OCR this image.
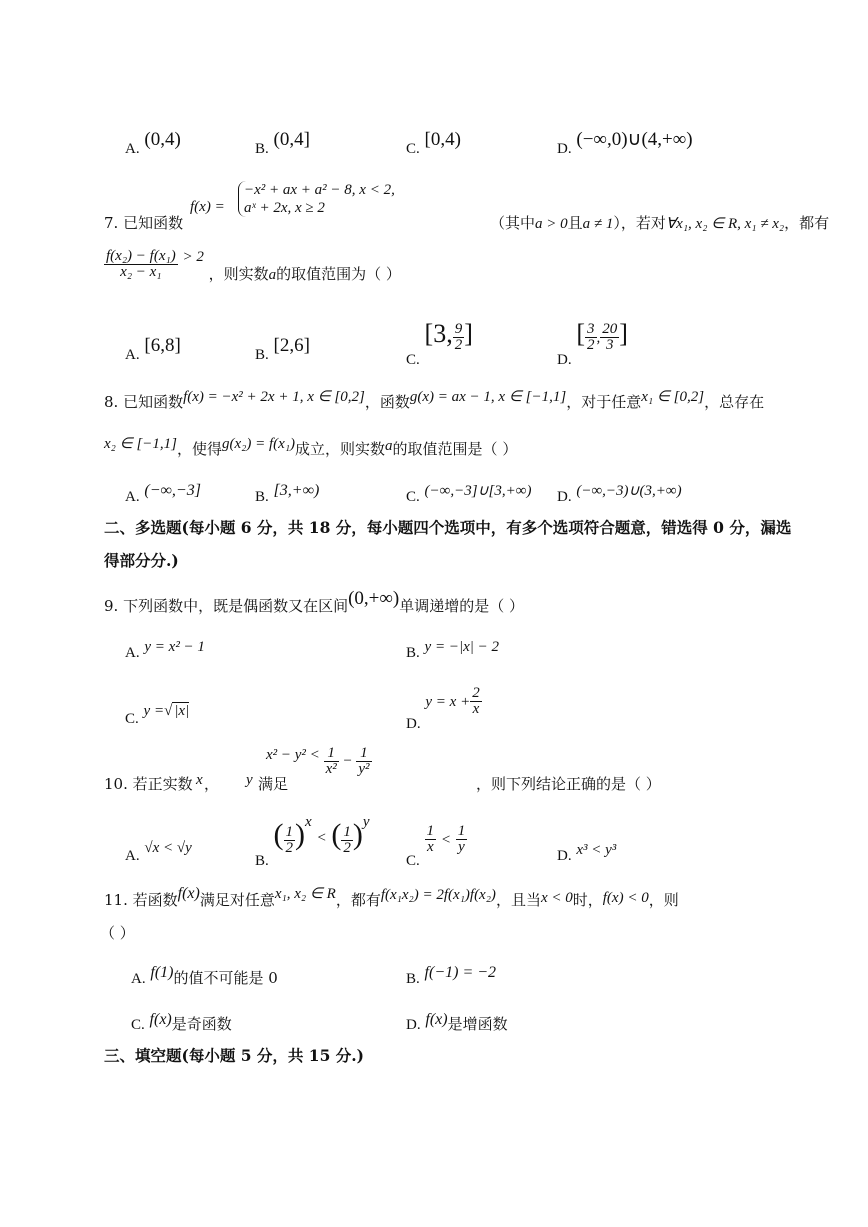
A. (0,4)	B. (0,4]	C. [0,4)	D. (−∞,0)∪(4,+∞)
7. 已知函数
f(x) =
−x² + ax + a² − 8, x < 2,
aˣ + 2x, x ≥ 2
（其中a > 0且a ≠ 1），若对∀x₁, x₂ ∈ R, x₁ ≠ x₂，都有
$\frac{\text{f(x₂) − f(x₁)}}{\text{x₂ − x₁}} > 2$ ，则实数a的取值范围为（ ）
A. [6,8]	B. [2,6]
C. [3, $\frac{9}{2}$ ]
D. [ $\frac{3}{2}$ , $\frac{20}{3}$ ]
8. 已知函数f(x) = −x² + 2x + 1, x ∈ [0,2]，函数g(x) = ax − 1, x ∈ [−1,1]，对于任意x₁ ∈ [0,2]，总存在
x₂ ∈ [−1,1]，使得g(x₂) = f(x₁)成立，则实数a的取值范围是（ ）
A. (−∞,−3]	B. [3,+∞)	C. (−∞,−3]∪[3,+∞) D. (−∞,−3)∪(3,+∞)
二、多选题(每小题 6 分，共 18 分，每小题四个选项中，有多个选项符合题意，错选得 0 分，漏选
得部分分.)
9. 下列函数中，既是偶函数又在区间(0,+∞)单调递增的是（ ）
A. y = x² − 1	B. y = −|x| − 2
C. y =√ |x|
D. $y = x + \frac{2}{x}$
10. 若正实数 x ， y 满足
$x^2 - y^2 < \frac{1}{\text{x²}} - \frac{1}{\text{y²}}$
，则下列结论正确的是（ ）
A. √x < √y
B. ( $\frac{1}{2} )^x$ < ( $\frac{1}{2} )^y$
C.
$\frac{1}{x} < \frac{1}{y}$
D. x³ < y³
11. 若函数f(x)满足对任意x₁, x₂ ∈ R，都有f(x₁x₂) = 2f(x₁)f(x₂)，且当x < 0时，f(x) < 0，则
（ ）
A. f(1)的值不可能是 0	B. f(−1) = −2
C. f(x)是奇函数	D. f(x)是增函数
三、填空题(每小题 5 分，共 15 分.)
